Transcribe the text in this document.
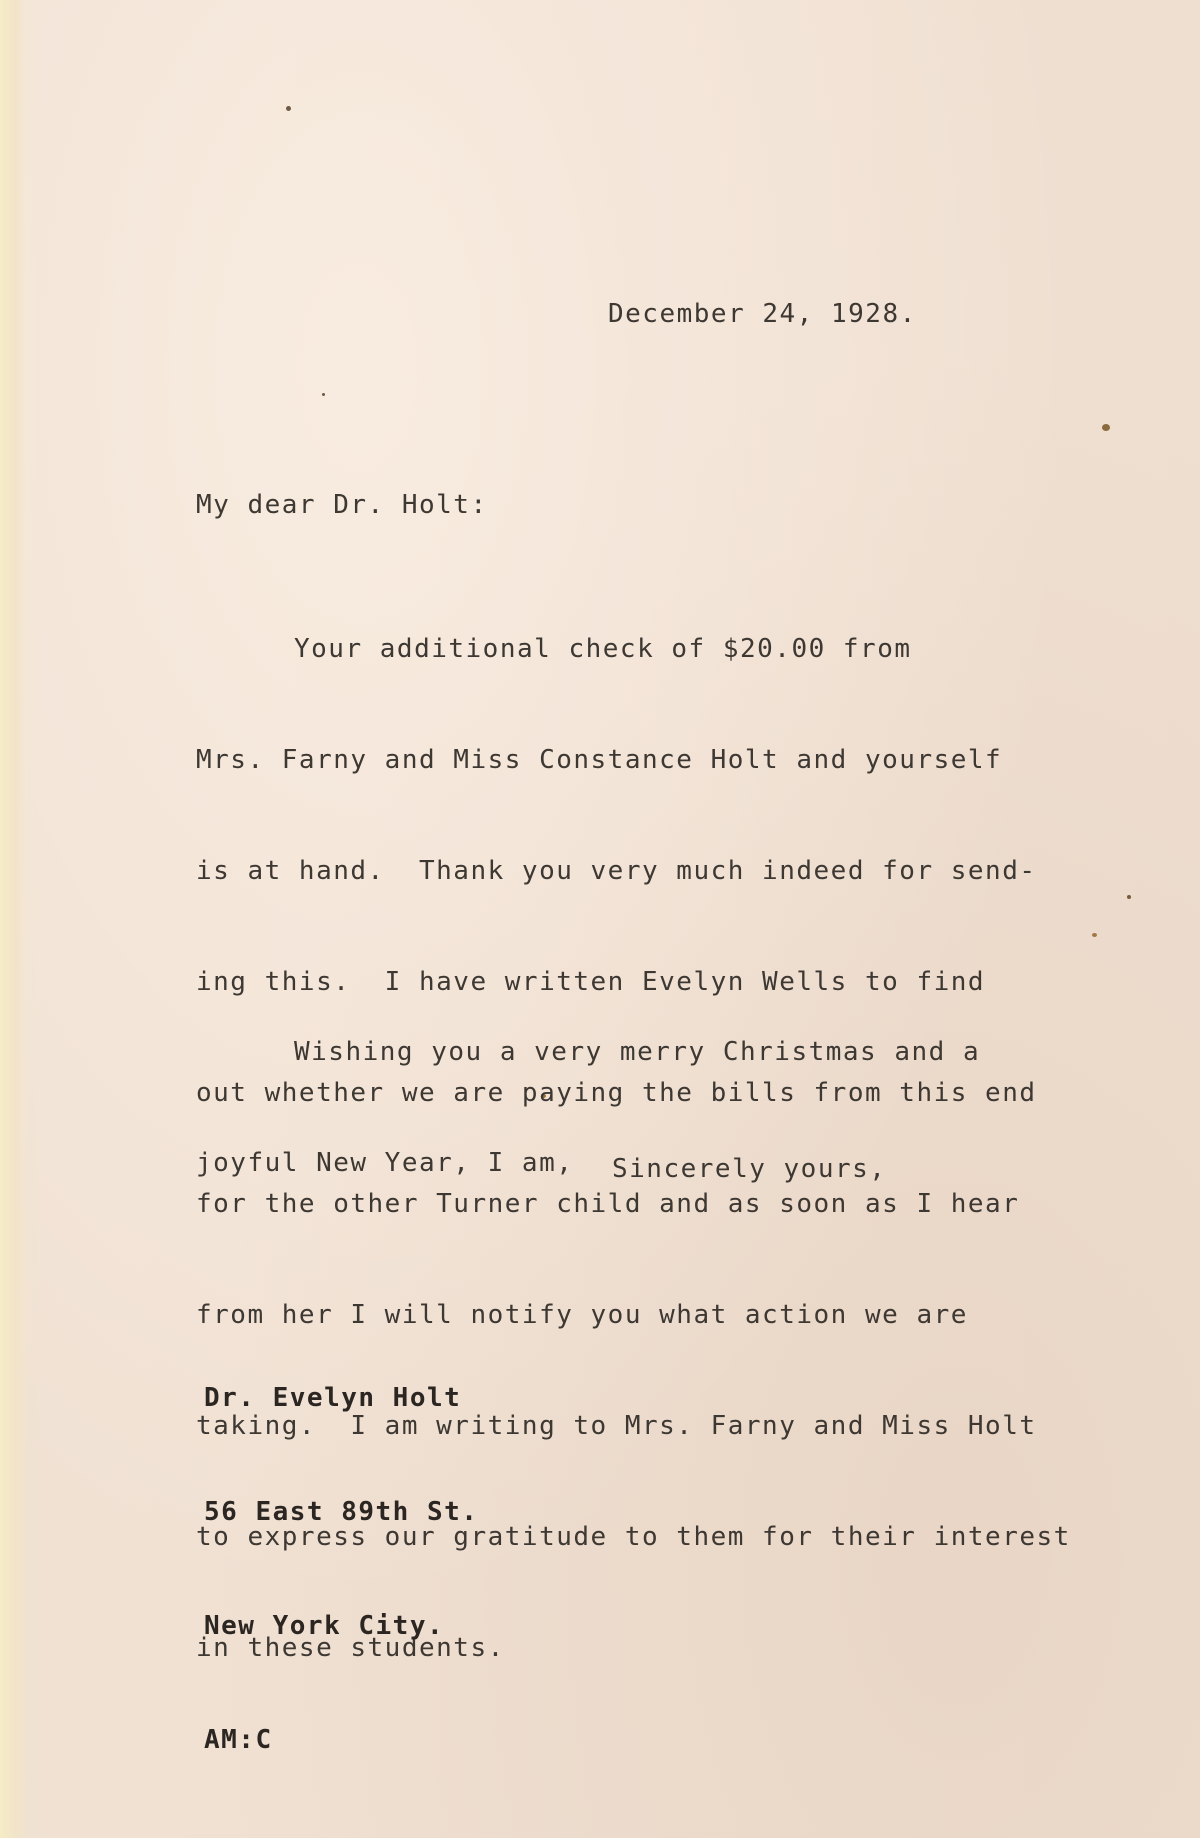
December 24, 1928.

My dear Dr. Holt:

Your additional check of $20.00 from

Mrs. Farny and Miss Constance Holt and yourself

is at hand.  Thank you very much indeed for send-

ing this.  I have written Evelyn Wells to find

out whether we are paying the bills from this end

for the other Turner child and as soon as I hear

from her I will notify you what action we are

taking.  I am writing to Mrs. Farny and Miss Holt

to express our gratitude to them for their interest

in these students.

Wishing you a very merry Christmas and a

joyful New Year, I am,

	Sincerely yours,

Dr. Evelyn Holt

56 East 89th St.

New York City.

AM:C
